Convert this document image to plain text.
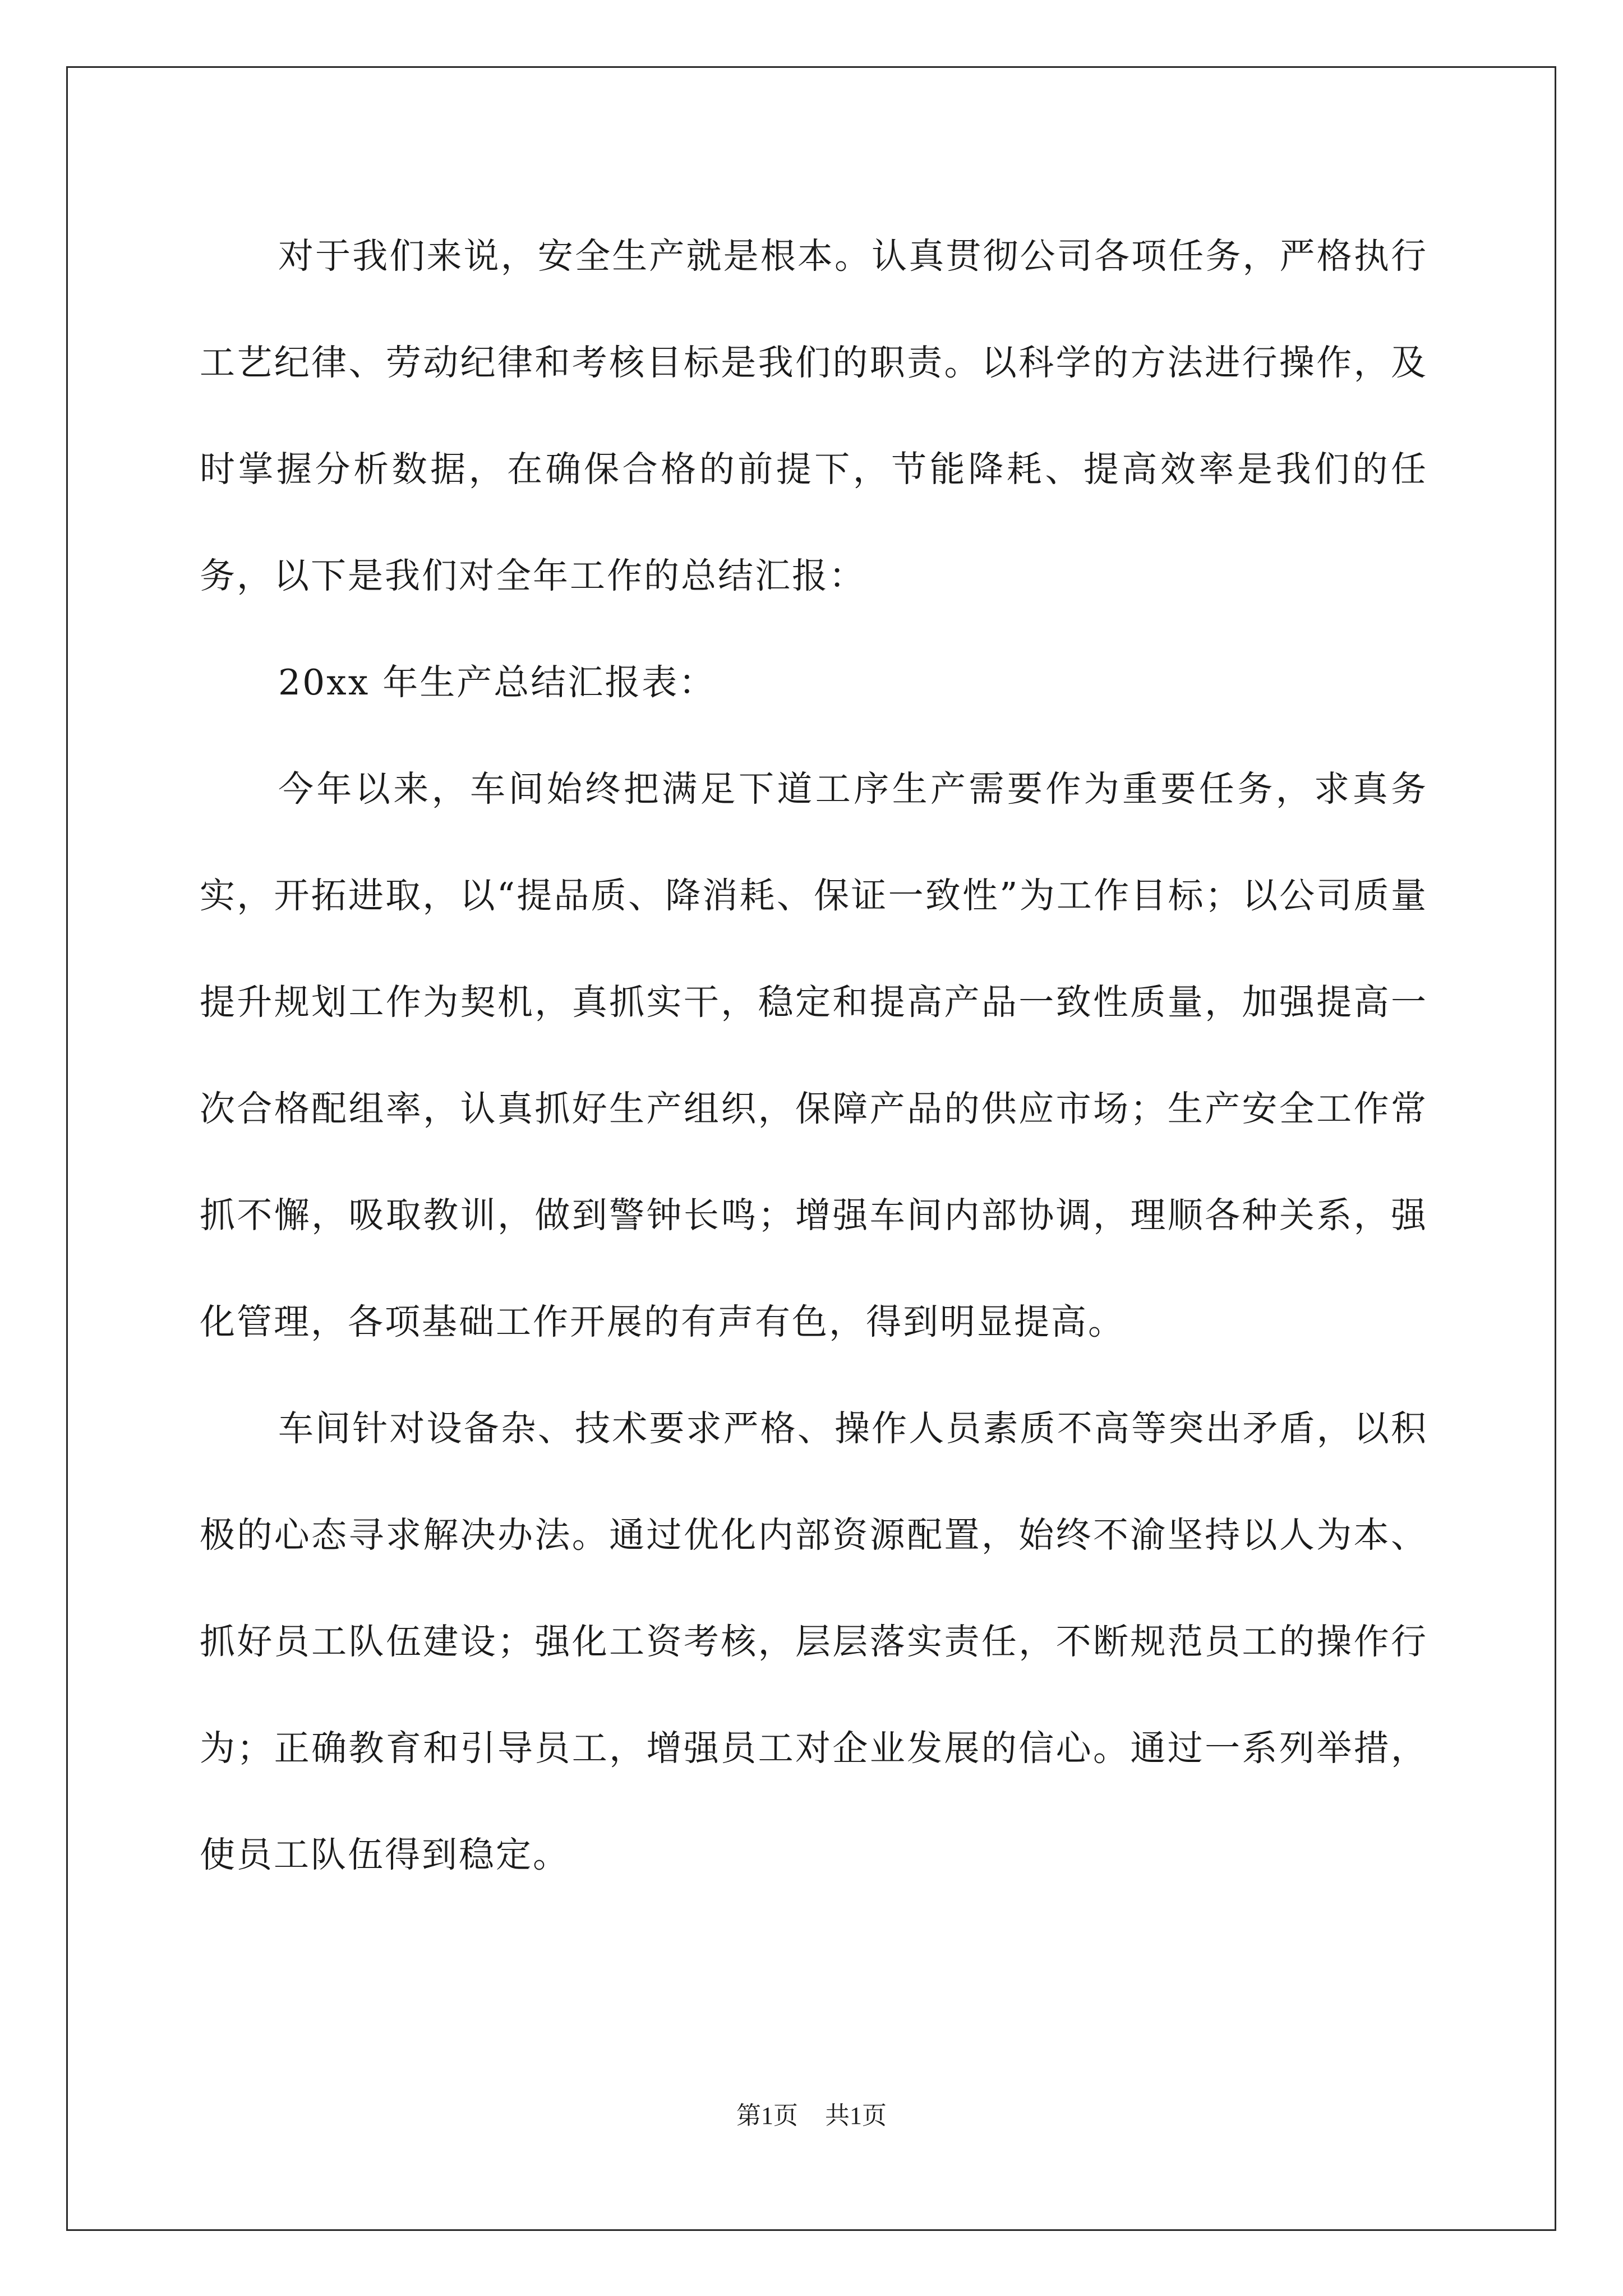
对于我们来说，安全生产就是根本。认真贯彻公司各项任务，严格执行工艺纪律、劳动纪律和考核目标是我们的职责。以科学的方法进行操作，及时掌握分析数据，在确保合格的前提下，节能降耗、提高效率是我们的任务，以下是我们对全年工作的总结汇报：

20xx 年生产总结汇报表：

今年以来，车间始终把满足下道工序生产需要作为重要任务，求真务实，开拓进取，以“提品质、降消耗、保证一致性”为工作目标；以公司质量提升规划工作为契机，真抓实干，稳定和提高产品一致性质量，加强提高一次合格配组率，认真抓好生产组织，保障产品的供应市场；生产安全工作常抓不懈，吸取教训，做到警钟长鸣；增强车间内部协调，理顺各种关系，强化管理，各项基础工作开展的有声有色，得到明显提高。

车间针对设备杂、技术要求严格、操作人员素质不高等突出矛盾，以积极的心态寻求解决办法。通过优化内部资源配置，始终不渝坚持以人为本、抓好员工队伍建设；强化工资考核，层层落实责任，不断规范员工的操作行为；正确教育和引导员工，增强员工对企业发展的信心。通过一系列举措，使员工队伍得到稳定。

第1页 共1页
